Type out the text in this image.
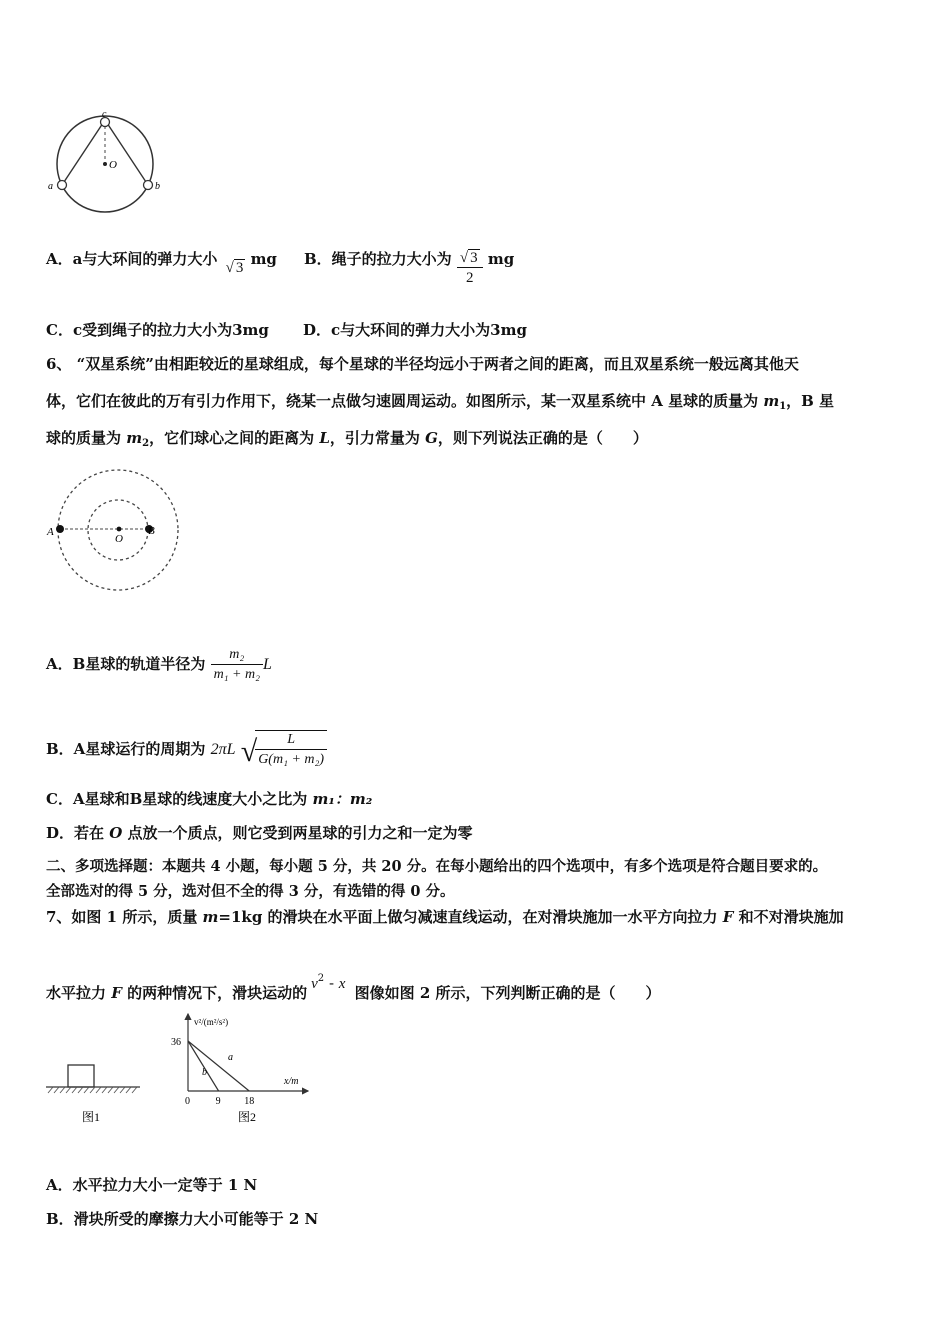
c
O
a	b
A．a与大环间的弹力大小 √ 3 mg B．绳子的拉力大小为 $\frac{√ 3}{2}$ mg
C．c受到绳子的拉力大小为3mg D．c与大环间的弹力大小为3mg
6、 “双星系统”由相距较近的星球组成，每个星球的半径均远小于两者之间的距离，而且双星系统一般远离其他天
体，它们在彼此的万有引力作用下，绕某一点做匀速圆周运动。如图所示，某一双星系统中 A 星球的质量为 $m_1$，B 星
球的质量为 $m_2$，它们球心之间的距离为 L，引力常量为 G，则下列说法正确的是（　　）
A
O
B
A．B星球的轨道半径为 $\frac{\text{m₂}}{\text{m₁ + m₂}}$ L
B．A星球运行的周期为 2πL √
$\frac{L}{\text{G(m₁ + m₂)}}$
C．A星球和B星球的线速度大小之比为 m₁：m₂
D．若在 O 点放一个质点，则它受到两星球的引力之和一定为零
二、多项选择题：本题共 4 小题，每小题 5 分，共 20 分。在每小题给出的四个选项中，有多个选项是符合题目要求的。
全部选对的得 5 分，选对但不全的得 3 分，有选错的得 0 分。
7、如图 1 所示，质量 m=1kg 的滑块在水平面上做匀减速直线运动，在对滑块施加一水平方向拉力 F 和不对滑块施加
水平拉力 F 的两种情况下，滑块运动的 $v^2$ - x 图像如图 2 所示，下列判断正确的是（　　）
图1
v²/(m²/s²)
x/m
36
0	9 18
a
b
图2
A．水平拉力大小一定等于 1 N
B．滑块所受的摩擦力大小可能等于 2 N
